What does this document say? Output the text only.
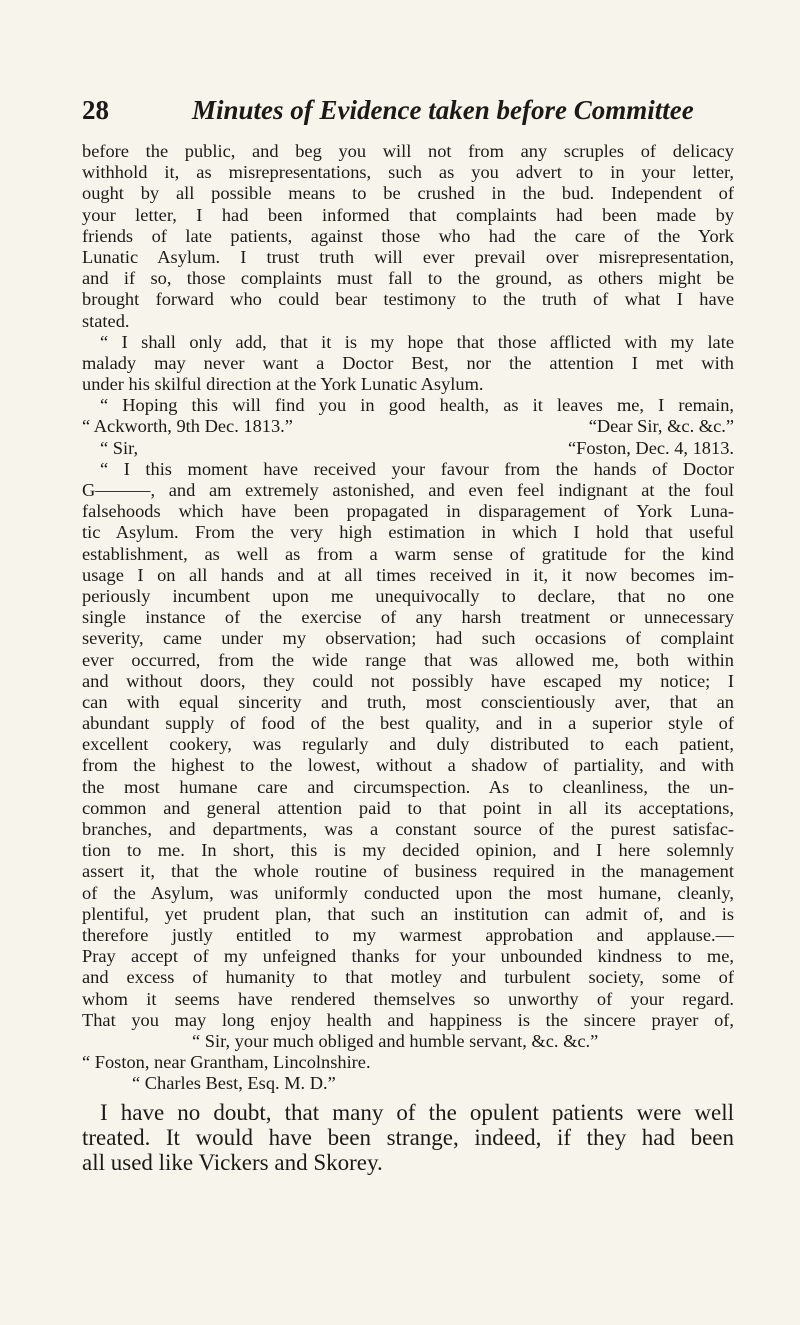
28	Minutes of Evidence taken before Committee
before the public, and beg you will not from any scruples of delicacy
withhold it, as misrepresentations, such as you advert to in your letter,
ought by all possible means to be crushed in the bud. Independent of
your letter, I had been informed that complaints had been made by
friends of late patients, against those who had the care of the York
Lunatic Asylum. I trust truth will ever prevail over misrepresentation,
and if so, those complaints must fall to the ground, as others might be
brought forward who could bear testimony to the truth of what I have
stated.
“ I shall only add, that it is my hope that those afflicted with my late
malady may never want a Doctor Best, nor the attention I met with
under his skilful direction at the York Lunatic Asylum.
“ Hoping this will find you in good health, as it leaves me, I remain,
“ Ackworth, 9th Dec. 1813.”	“Dear Sir, &c. &c.”
“ Sir,	“Foston, Dec. 4, 1813.
“ I this moment have received your favour from the hands of Doctor
G———, and am extremely astonished, and even feel indignant at the foul
falsehoods which have been propagated in disparagement of York Luna-
tic Asylum. From the very high estimation in which I hold that useful
establishment, as well as from a warm sense of gratitude for the kind
usage I on all hands and at all times received in it, it now becomes im-
periously incumbent upon me unequivocally to declare, that no one
single instance of the exercise of any harsh treatment or unnecessary
severity, came under my observation; had such occasions of complaint
ever occurred, from the wide range that was allowed me, both within
and without doors, they could not possibly have escaped my notice; I
can with equal sincerity and truth, most conscientiously aver, that an
abundant supply of food of the best quality, and in a superior style of
excellent cookery, was regularly and duly distributed to each patient,
from the highest to the lowest, without a shadow of partiality, and with
the most humane care and circumspection. As to cleanliness, the un-
common and general attention paid to that point in all its acceptations,
branches, and departments, was a constant source of the purest satisfac-
tion to me. In short, this is my decided opinion, and I here solemnly
assert it, that the whole routine of business required in the management
of the Asylum, was uniformly conducted upon the most humane, cleanly,
plentiful, yet prudent plan, that such an institution can admit of, and is
therefore justly entitled to my warmest approbation and applause.—
Pray accept of my unfeigned thanks for your unbounded kindness to me,
and excess of humanity to that motley and turbulent society, some of
whom it seems have rendered themselves so unworthy of your regard.
That you may long enjoy health and happiness is the sincere prayer of,
“ Sir, your much obliged and humble servant, &c. &c.”
“ Foston, near Grantham, Lincolnshire.
“ Charles Best, Esq. M. D.”
I have no doubt, that many of the opulent patients were well
treated. It would have been strange, indeed, if they had been
all used like Vickers and Skorey.
